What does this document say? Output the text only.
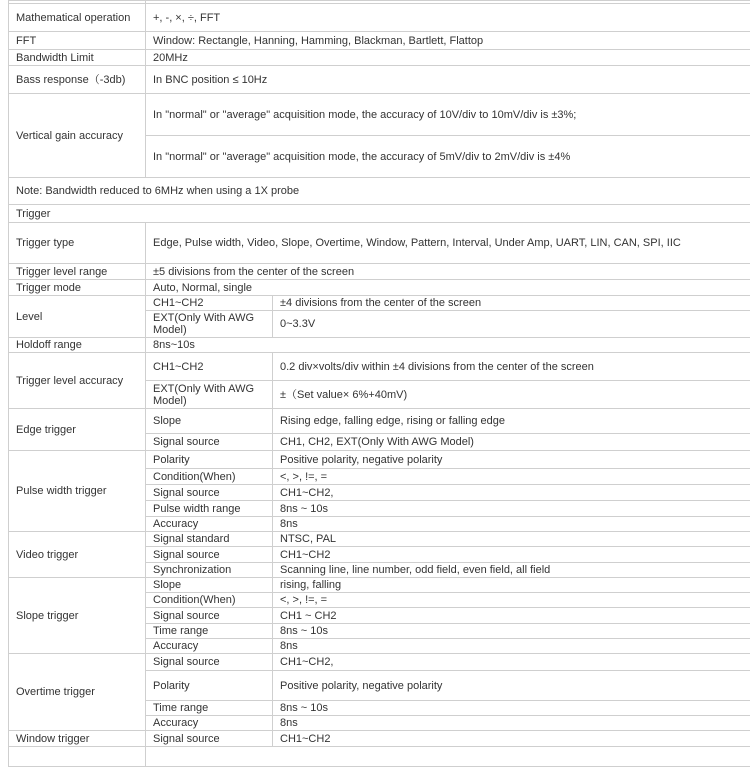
Mathematical operation	+, -, ×, ÷, FFT	
FFT	Window: Rectangle, Hanning, Hamming, Blackman, Bartlett, Flattop	
Bandwidth Limit	20MHz	
Bass response（-3db)	In BNC position ≤ 10Hz	
Vertical gain accuracy	In "normal" or "average" acquisition mode, the accuracy of 10V/div to 10mV/div is ±3%;	
	In "normal" or "average" acquisition mode, the accuracy of 5mV/div to 2mV/div is ±4%	
Note: Bandwidth reduced to 6MHz when using a 1X probe		
Trigger		
Trigger type	Edge, Pulse width, Video, Slope, Overtime, Window, Pattern, Interval, Under Amp, UART, LIN, CAN, SPI, IIC	
Trigger level range	±5 divisions from the center of the screen	
Trigger mode	Auto, Normal, single	
Level	CH1~CH2	±4 divisions from the center of the screen
	EXT(Only With AWG Model)	0~3.3V
Holdoff range	8ns~10s	
Trigger level accuracy	CH1~CH2	0.2 div×volts/div within ±4 divisions from the center of the screen
	EXT(Only With AWG Model)	±（Set value× 6%+40mV)
Edge trigger	Slope	Rising edge, falling edge, rising or falling edge
	Signal source	CH1, CH2, EXT(Only With AWG Model)
Pulse width trigger	Polarity	Positive polarity, negative polarity
	Condition(When)	<, >, !=, =
	Signal source	CH1~CH2,
	Pulse width range	8ns ~ 10s
	Accuracy	8ns
Video trigger	Signal standard	NTSC, PAL
	Signal source	CH1~CH2
	Synchronization	Scanning line, line number, odd field, even field, all field
Slope trigger	Slope	rising, falling
	Condition(When)	<, >, !=, =
	Signal source	CH1 ~ CH2
	Time range	8ns ~ 10s
	Accuracy	8ns
Overtime trigger	Signal source	CH1~CH2,
	Polarity	Positive polarity, negative polarity
	Time range	8ns ~ 10s
	Accuracy	8ns
Window trigger	Signal source	CH1~CH2
